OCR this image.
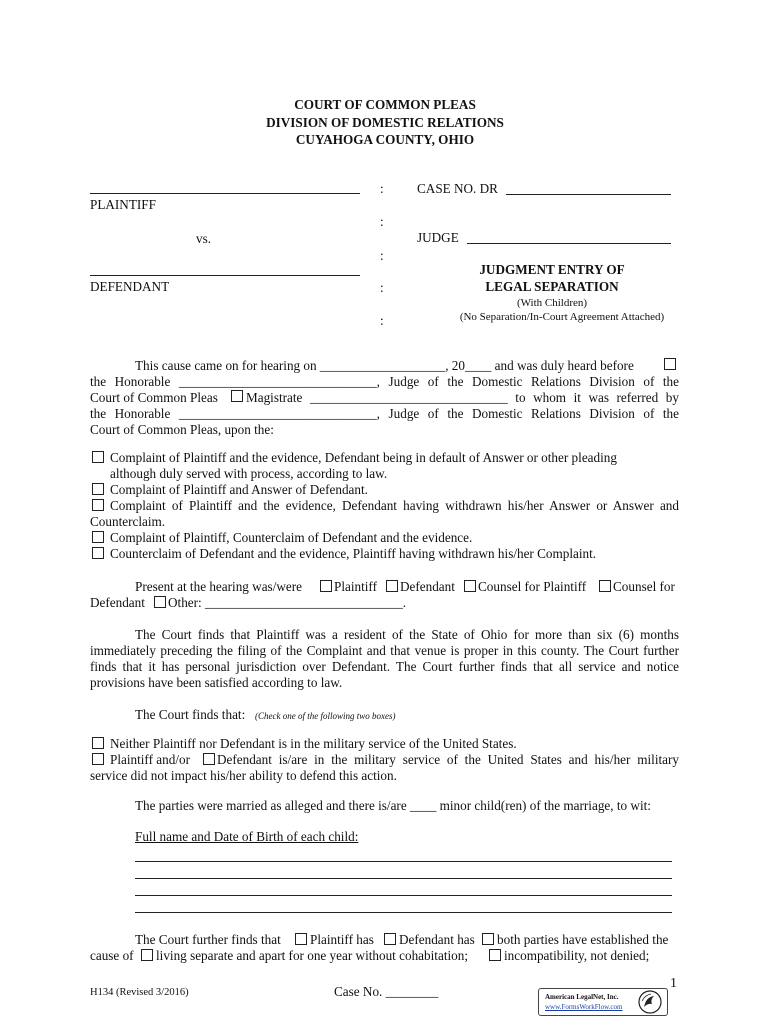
COURT OF COMMON PLEAS
DIVISION OF DOMESTIC RELATIONS
CUYAHOGA COUNTY, OHIO
PLAINTIFF
vs.
DEFENDANT
:
:
:
:
:
CASE NO. DR
JUDGE
JUDGMENT ENTRY OF
LEGAL SEPARATION
(With Children)
(No Separation/In-Court Agreement Attached)
This cause came on for hearing on ___________________, 20____ and was duly heard before
the Honorable ______________________________, Judge of the Domestic Relations Division of the
Court of Common Pleas Magistrate ______________________________ to whom it was referred by
the Honorable ______________________________, Judge of the Domestic Relations Division of the
Court of Common Pleas, upon the:
Complaint of Plaintiff and the evidence, Defendant being in default of Answer or other pleading
although duly served with process, according to law.
Complaint of Plaintiff and Answer of Defendant.
Complaint of Plaintiff and the evidence, Defendant having withdrawn his/her Answer or Answer and
Counterclaim.
Complaint of Plaintiff, Counterclaim of Defendant and the evidence.
Counterclaim of Defendant and the evidence, Plaintiff having withdrawn his/her Complaint.
Present at the hearing was/were Plaintiff Defendant Counsel for Plaintiff Counsel for
Defendant Other: ______________________________.
The Court finds that Plaintiff was a resident of the State of Ohio for more than six (6) months
immediately preceding the filing of the Complaint and that venue is proper in this county. The Court further
finds that it has personal jurisdiction over Defendant. The Court further finds that all service and notice
provisions have been satisfied according to law.
The Court finds that: (Check one of the following two boxes)
Neither Plaintiff nor Defendant is in the military service of the United States.
Plaintiff and/or Defendant is/are in the military service of the United States and his/her military
service did not impact his/her ability to defend this action.
The parties were married as alleged and there is/are ____ minor child(ren) of the marriage, to wit:
Full name and Date of Birth of each child:
The Court further finds that Plaintiff has Defendant has both parties have established the
cause of living separate and apart for one year without cohabitation;	incompatibility, not denied;
H134 (Revised 3/2016)	Case No. ________
1
American LegalNet, Inc.
www.FormsWorkFlow.com
